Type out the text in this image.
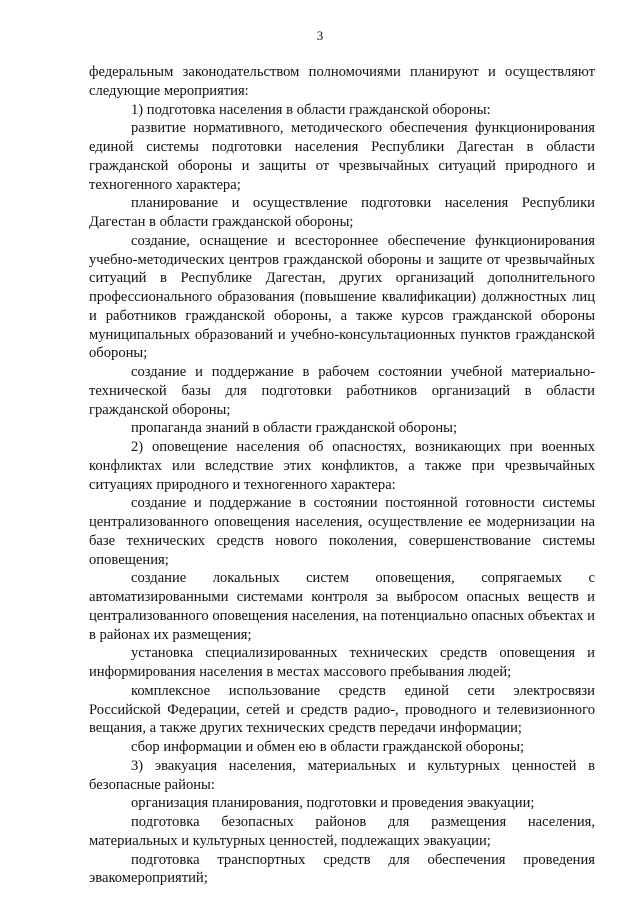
3

федеральным законодательством полномочиями планируют и осуществляют следующие мероприятия:

1) подготовка населения в области гражданской обороны:

развитие нормативного, методического обеспечения функционирования единой системы подготовки населения Республики Дагестан в области гражданской обороны и защиты от чрезвычайных ситуаций природного и техногенного характера;

планирование и осуществление подготовки населения Республики Дагестан в области гражданской обороны;

создание, оснащение и всестороннее обеспечение функционирования учебно-методических центров гражданской обороны и защите от чрезвычайных ситуаций в Республике Дагестан, других организаций дополнительного профессионального образования (повышение квалификации) должностных лиц и работников гражданской обороны, а также курсов гражданской обороны муниципальных образований и учебно-консультационных пунктов гражданской обороны;

создание и поддержание в рабочем состоянии учебной материально-технической базы для подготовки работников организаций в области гражданской обороны;

пропаганда знаний в области гражданской обороны;

2) оповещение населения об опасностях, возникающих при военных конфликтах или вследствие этих конфликтов, а также при чрезвычайных ситуациях природного и техногенного характера:

создание и поддержание в состоянии постоянной готовности системы централизованного оповещения населения, осуществление ее модернизации на базе технических средств нового поколения, совершенствование системы оповещения;

создание локальных систем оповещения, сопрягаемых с автоматизированными системами контроля за выбросом опасных веществ и централизованного оповещения населения, на потенциально опасных объектах и в районах их размещения;

установка специализированных технических средств оповещения и информирования населения в местах массового пребывания людей;

комплексное использование средств единой сети электросвязи Российской Федерации, сетей и средств радио-, проводного и телевизионного вещания, а также других технических средств передачи информации;

сбор информации и обмен ею в области гражданской обороны;

3) эвакуация населения, материальных и культурных ценностей в безопасные районы:

организация планирования, подготовки и проведения эвакуации;

подготовка безопасных районов для размещения населения, материальных и культурных ценностей, подлежащих эвакуации;

подготовка транспортных средств для обеспечения проведения эвакомероприятий;
